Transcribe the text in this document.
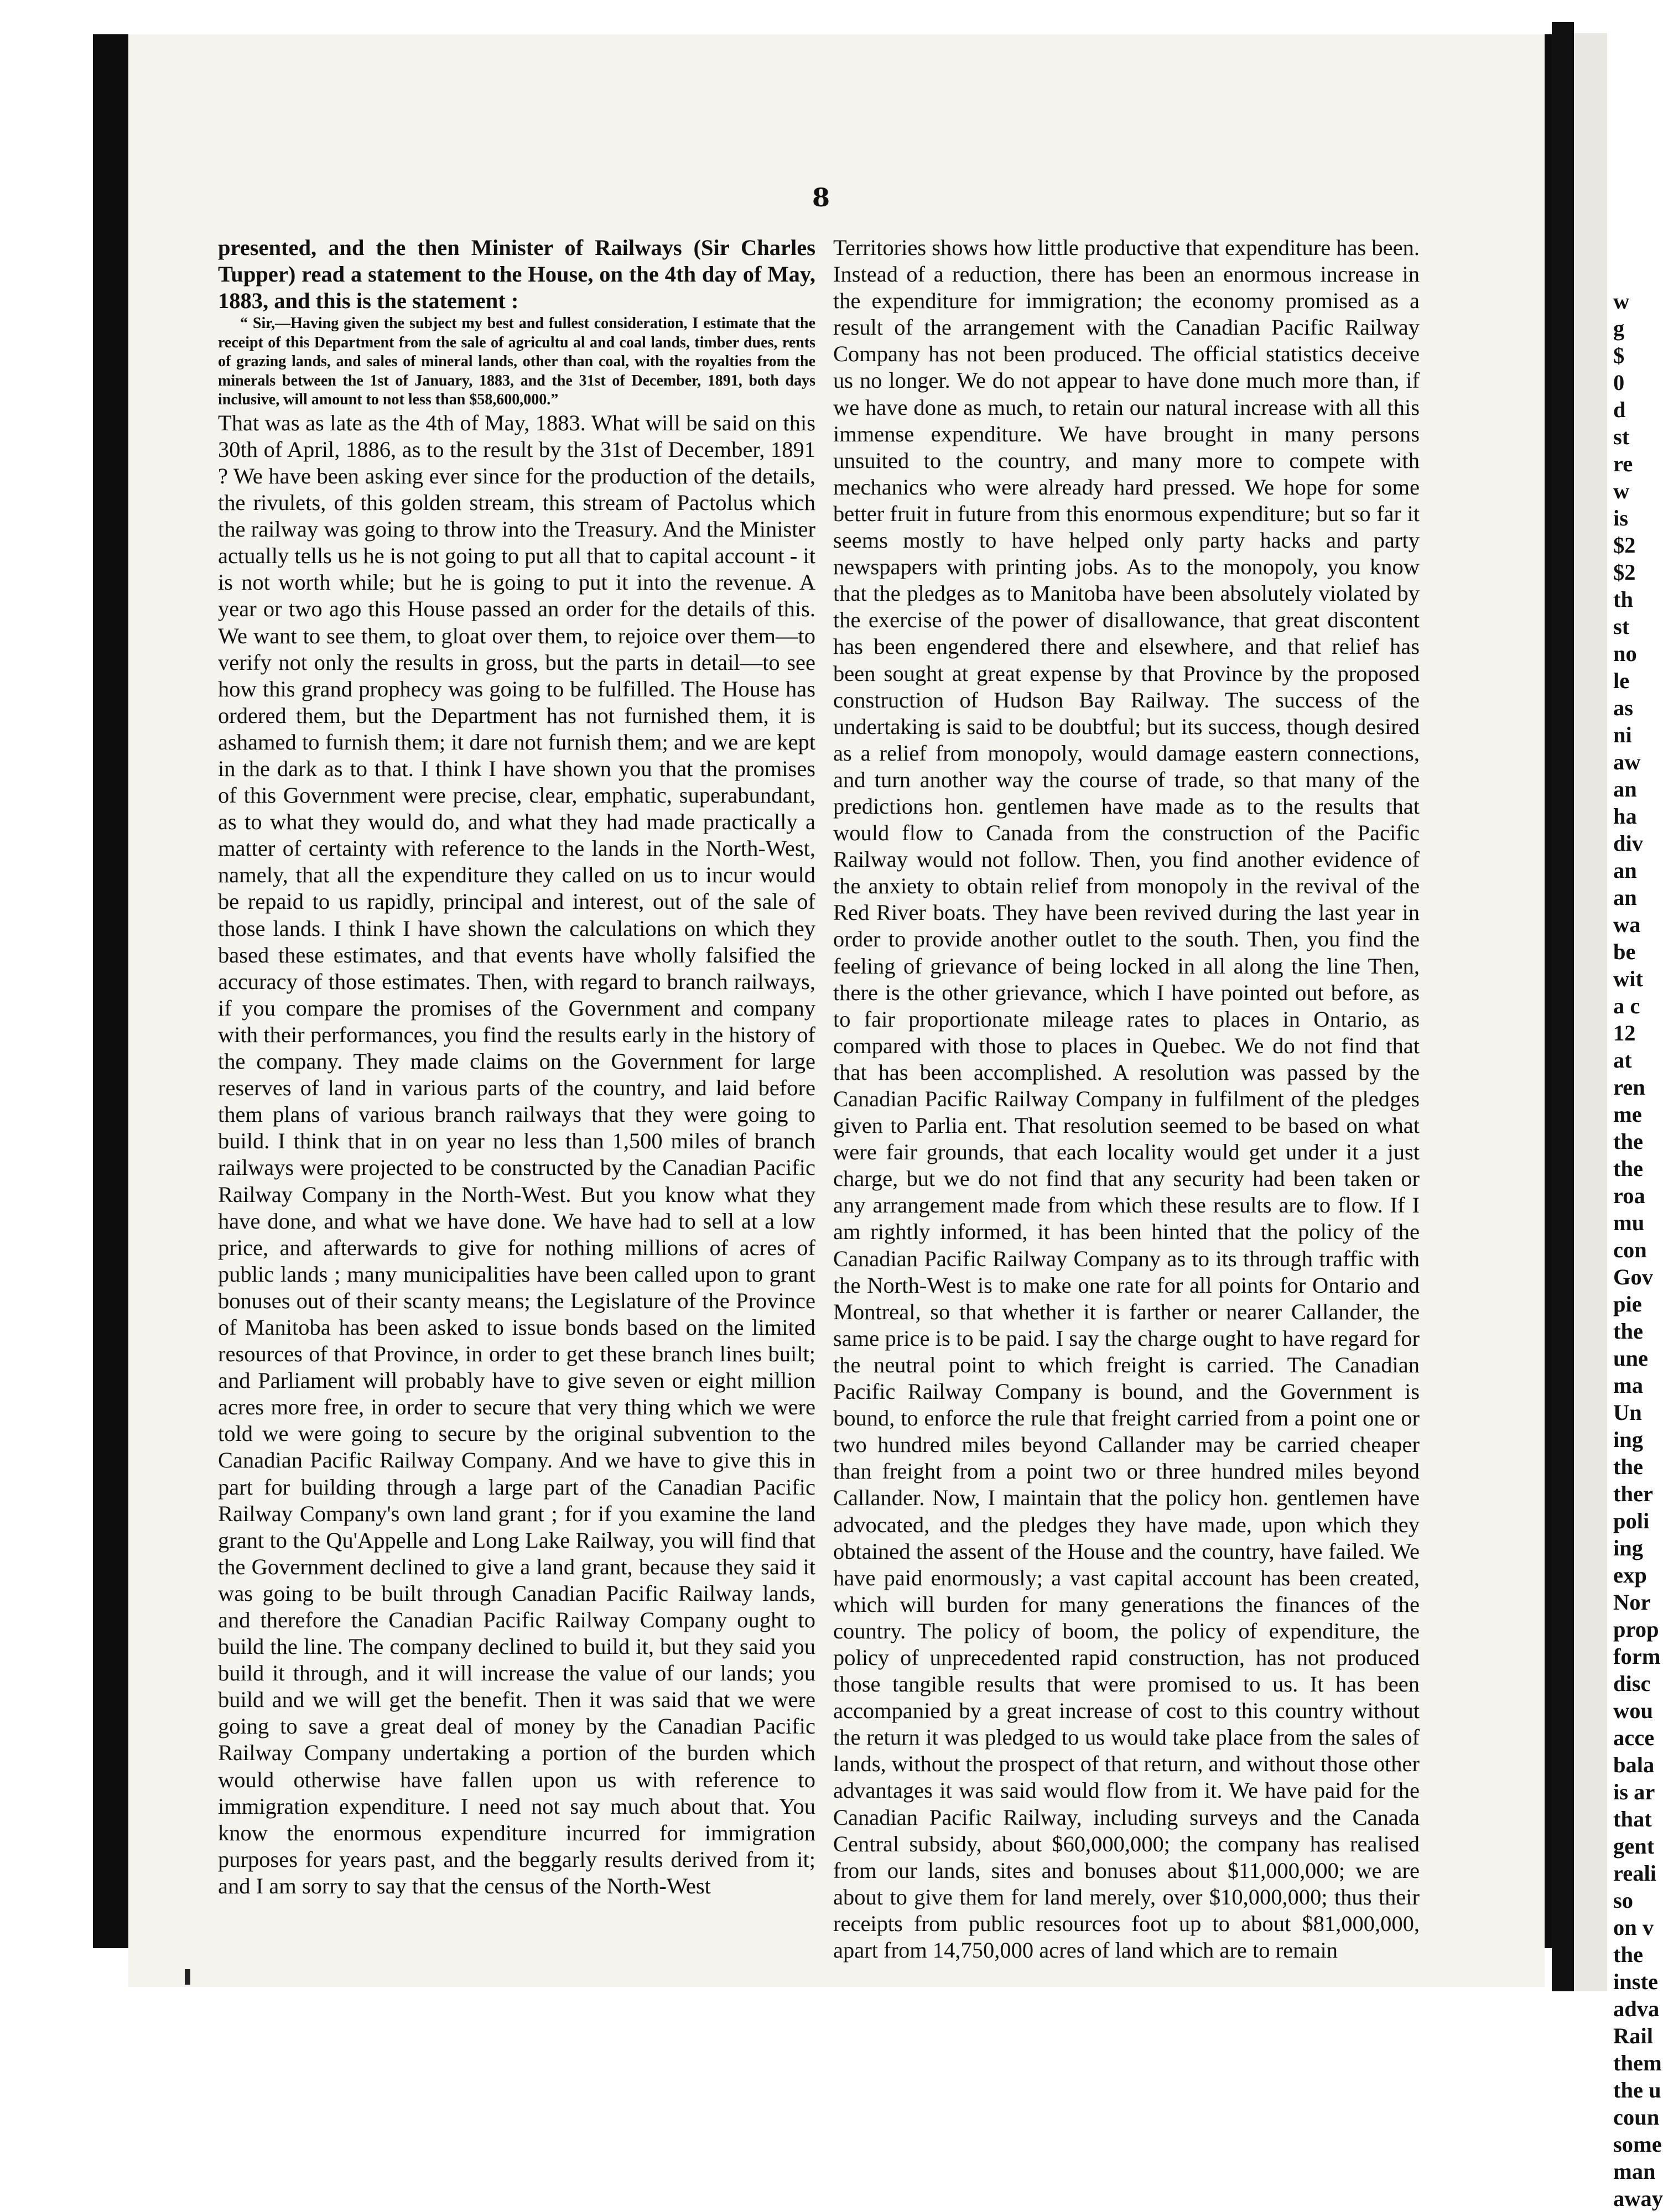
8

presented, and the then Minister of Railways (Sir Charles Tupper) read a statement to the House, on the 4th day of May, 1883, and this is the statement :

“ Sir,—Having given the subject my best and fullest consideration, I estimate that the receipt of this Department from the sale of agricultu al and coal lands, timber dues, rents of grazing lands, and sales of mineral lands, other than coal, with the royalties from the minerals between the 1st of January, 1883, and the 31st of December, 1891, both days inclusive, will amount to not less than $58,600,000.”

That was as late as the 4th of May, 1883. What will be said on this 30th of April, 1886, as to the result by the 31st of December, 1891 ? We have been asking ever since for the production of the details, the rivulets, of this golden stream, this stream of Pactolus which the railway was going to throw into the Treasury. And the Minister actually tells us he is not going to put all that to capital account - it is not worth while; but he is going to put it into the revenue. A year or two ago this House passed an order for the details of this. We want to see them, to gloat over them, to rejoice over them—to verify not only the results in gross, but the parts in detail—to see how this grand prophecy was going to be fulfilled. The House has ordered them, but the Department has not furnished them, it is ashamed to furnish them; it dare not furnish them; and we are kept in the dark as to that. I think I have shown you that the promises of this Government were precise, clear, emphatic, superabundant, as to what they would do, and what they had made practically a matter of certainty with reference to the lands in the North-West, namely, that all the expenditure they called on us to incur would be repaid to us rapidly, principal and interest, out of the sale of those lands. I think I have shown the calculations on which they based these estimates, and that events have wholly falsified the accuracy of those estimates. Then, with regard to branch railways, if you compare the promises of the Government and company with their performances, you find the results early in the history of the company. They made claims on the Government for large reserves of land in various parts of the country, and laid before them plans of various branch railways that they were going to build. I think that in on year no less than 1,500 miles of branch railways were projected to be constructed by the Canadian Pacific Railway Company in the North-West. But you know what they have done, and what we have done. We have had to sell at a low price, and afterwards to give for nothing millions of acres of public lands ; many municipalities have been called upon to grant bonuses out of their scanty means; the Legislature of the Province of Manitoba has been asked to issue bonds based on the limited resources of that Province, in order to get these branch lines built; and Parliament will probably have to give seven or eight million acres more free, in order to secure that very thing which we were told we were going to secure by the original subvention to the Canadian Pacific Railway Company. And we have to give this in part for building through a large part of the Canadian Pacific Railway Company's own land grant ; for if you examine the land grant to the Qu'Appelle and Long Lake Railway, you will find that the Government declined to give a land grant, because they said it was going to be built through Canadian Pacific Railway lands, and therefore the Canadian Pacific Railway Company ought to build the line. The company declined to build it, but they said you build it through, and it will increase the value of our lands; you build and we will get the benefit. Then it was said that we were going to save a great deal of money by the Canadian Pacific Railway Company undertaking a portion of the burden which would otherwise have fallen upon us with reference to immigration expenditure. I need not say much about that. You know the enormous expenditure incurred for immigration purposes for years past, and the beggarly results derived from it; and I am sorry to say that the census of the North-West

Territories shows how little productive that expenditure has been. Instead of a reduction, there has been an enormous increase in the expenditure for immigration; the economy promised as a result of the arrangement with the Canadian Pacific Railway Company has not been produced. The official statistics deceive us no longer. We do not appear to have done much more than, if we have done as much, to retain our natural increase with all this immense expenditure. We have brought in many persons unsuited to the country, and many more to compete with mechanics who were already hard pressed. We hope for some better fruit in future from this enormous expenditure; but so far it seems mostly to have helped only party hacks and party newspapers with printing jobs. As to the monopoly, you know that the pledges as to Manitoba have been absolutely violated by the exercise of the power of disallowance, that great discontent has been engendered there and elsewhere, and that relief has been sought at great expense by that Province by the proposed construction of Hudson Bay Railway. The success of the undertaking is said to be doubtful; but its success, though desired as a relief from monopoly, would damage eastern connections, and turn another way the course of trade, so that many of the predictions hon. gentlemen have made as to the results that would flow to Canada from the construction of the Pacific Railway would not follow. Then, you find another evidence of the anxiety to obtain relief from monopoly in the revival of the Red River boats. They have been revived during the last year in order to provide another outlet to the south. Then, you find the feeling of grievance of being locked in all along the line Then, there is the other grievance, which I have pointed out before, as to fair proportionate mileage rates to places in Ontario, as compared with those to places in Quebec. We do not find that that has been accomplished. A resolution was passed by the Canadian Pacific Railway Company in fulfilment of the pledges given to Parlia ent. That resolution seemed to be based on what were fair grounds, that each locality would get under it a just charge, but we do not find that any security had been taken or any arrangement made from which these results are to flow. If I am rightly informed, it has been hinted that the policy of the Canadian Pacific Railway Company as to its through traffic with the North-West is to make one rate for all points for Ontario and Montreal, so that whether it is farther or nearer Callander, the same price is to be paid. I say the charge ought to have regard for the neutral point to which freight is carried. The Canadian Pacific Railway Company is bound, and the Government is bound, to enforce the rule that freight carried from a point one or two hundred miles beyond Callander may be carried cheaper than freight from a point two or three hundred miles beyond Callander. Now, I maintain that the policy hon. gentlemen have advocated, and the pledges they have made, upon which they obtained the assent of the House and the country, have failed. We have paid enormously; a vast capital account has been created, which will burden for many generations the finances of the country. The policy of boom, the policy of expenditure, the policy of unprecedented rapid construction, has not produced those tangible results that were promised to us. It has been accompanied by a great increase of cost to this country without the return it was pledged to us would take place from the sales of lands, without the prospect of that return, and without those other advantages it was said would flow from it. We have paid for the Canadian Pacific Railway, including surveys and the Canada Central subsidy, about $60,000,000; the company has realised from our lands, sites and bonuses about $11,000,000; we are about to give them for land merely, over $10,000,000; thus their receipts from public resources foot up to about $81,000,000, apart from 14,750,000 acres of land which are to remain

w
g
$
0
d
st
re
w
is
$2
$2
th
st
no
le
as
ni
aw
an
ha
div
an
an
wa
be
wit
a c
12
at
ren
me
the
the
roa
mu
con
Gov
pie
the
une
ma
Un
ing
the
ther
poli
ing
exp
Nor
prop
form
disc
wou
acce
bala
is ar
that
gent
reali
so
on v
the
inste
adva
Rail
them
the u
coun
some
man
away
